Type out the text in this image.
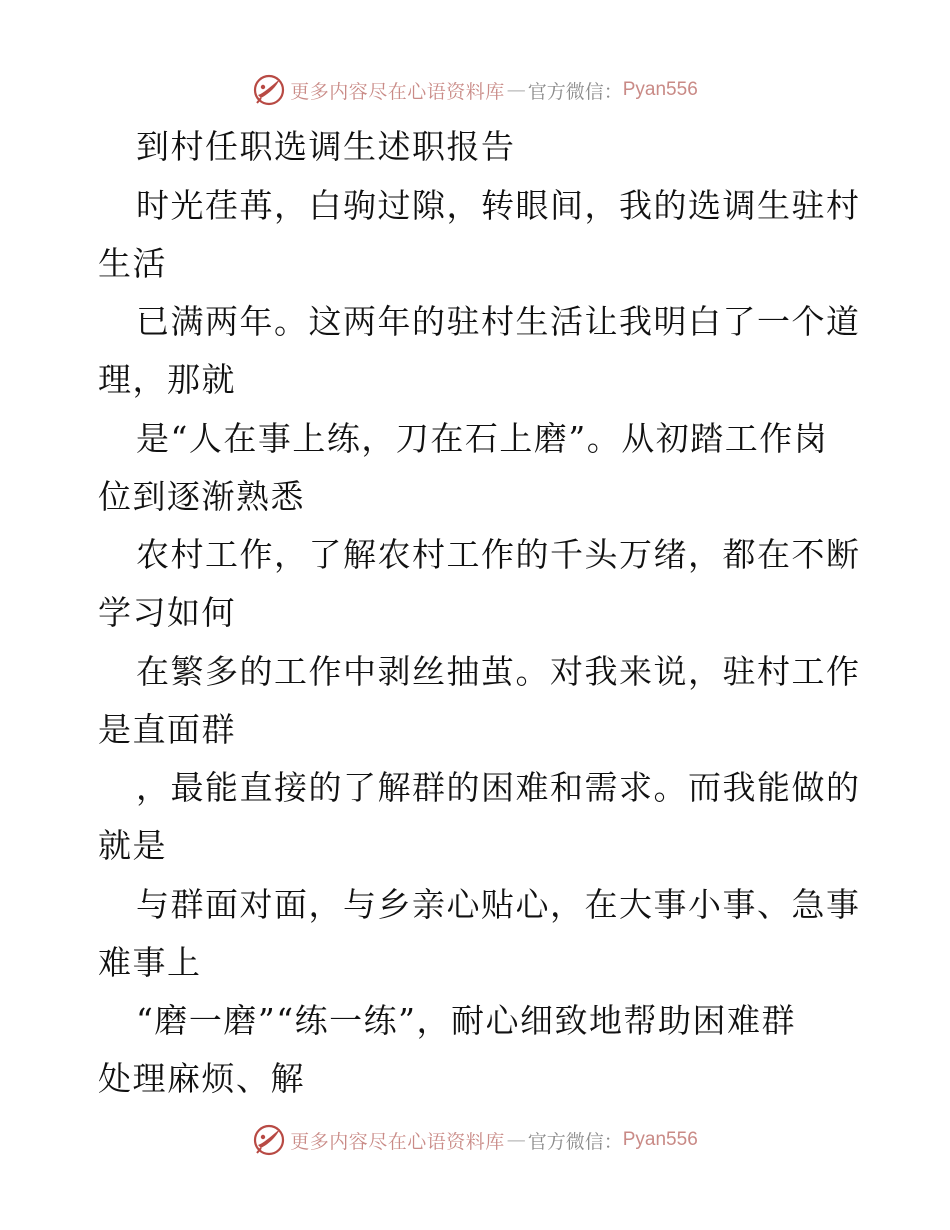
更多内容尽在心语资料库 — 官方微信： Pyan556
到村任职选调生述职报告
时光荏苒，白驹过隙，转眼间，我的选调生驻村
生活
已满两年。这两年的驻村生活让我明白了一个道
理，那就
是“人在事上练，刀在石上磨”。从初踏工作岗
位到逐渐熟悉
农村工作，了解农村工作的千头万绪，都在不断
学习如何
在繁多的工作中剥丝抽茧。对我来说，驻村工作
是直面群
，最能直接的了解群的困难和需求。而我能做的
就是
与群面对面，与乡亲心贴心，在大事小事、急事
难事上
“磨一磨”“练一练”，耐心细致地帮助困难群
处理麻烦、解
更多内容尽在心语资料库 — 官方微信： Pyan556
